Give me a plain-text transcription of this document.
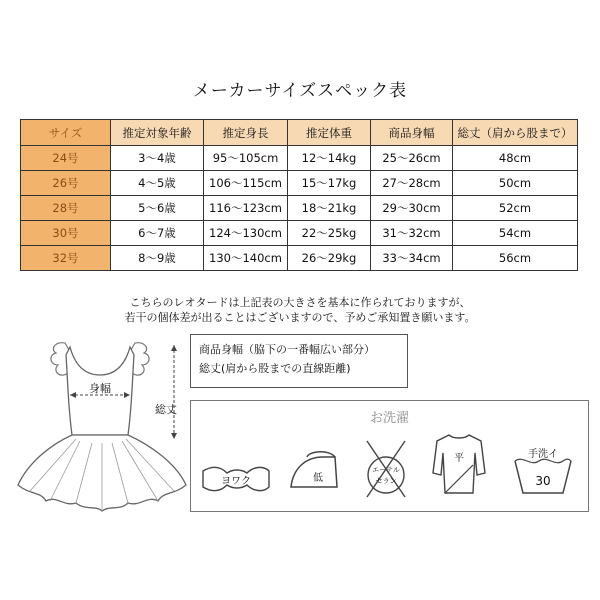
メーカーサイズスペック表
サイズ	推定対象年齢	推定身長	推定体重	商品身幅	総丈（肩から股まで）
24号	3〜4歳	95〜105cm	12〜14kg	25〜26cm	48cm
26号	4〜5歳	106〜115cm	15〜17kg	27〜28cm	50cm
28号	5〜6歳	116〜123cm	18〜21kg	29〜30cm	52cm
30号	6〜7歳	124〜130cm	22〜25kg	31〜32cm	54cm
32号	8〜9歳	130〜140cm	26〜29kg	33〜34cm	56cm
こちらのレオタードは上記表の大きさを基本に作られておりますが、
若干の個体差が出ることはございますので、予めご承知置き願います。
身幅
総丈
商品身幅（脇下の一番幅広い部分）
総丈(肩から股までの直線距離)
お洗濯
ヨワク	低
エーテル
セラン
平	手洗イ
30
